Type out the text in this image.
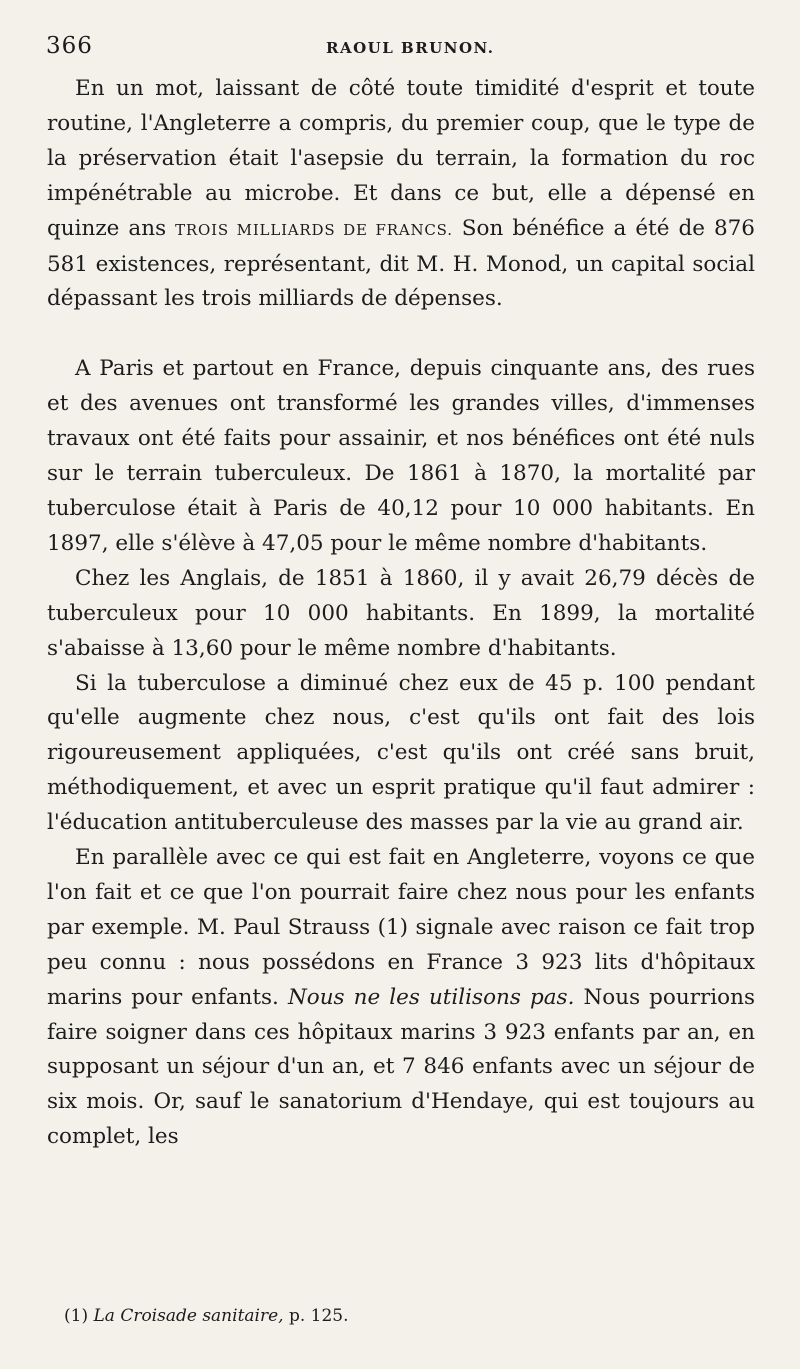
366	RAOUL BRUNON.

En un mot, laissant de côté toute timidité d'esprit et toute routine, l'Angleterre a compris, du premier coup, que le type de la préservation était l'asepsie du terrain, la formation du roc impénétrable au microbe. Et dans ce but, elle a dépensé en quinze ans TROIS MILLIARDS DE FRANCS. Son bénéfice a été de 876 581 existences, représentant, dit M. H. Monod, un capital social dépassant les trois milliards de dépenses.

A Paris et partout en France, depuis cinquante ans, des rues et des avenues ont transformé les grandes villes, d'immenses travaux ont été faits pour assainir, et nos bénéfices ont été nuls sur le terrain tuberculeux. De 1861 à 1870, la mortalité par tuberculose était à Paris de 40,12 pour 10 000 habitants. En 1897, elle s'élève à 47,05 pour le même nombre d'habitants.

Chez les Anglais, de 1851 à 1860, il y avait 26,79 décès de tuberculeux pour 10 000 habitants. En 1899, la mortalité s'abaisse à 13,60 pour le même nombre d'habitants.

Si la tuberculose a diminué chez eux de 45 p. 100 pendant qu'elle augmente chez nous, c'est qu'ils ont fait des lois rigoureusement appliquées, c'est qu'ils ont créé sans bruit, méthodiquement, et avec un esprit pratique qu'il faut admirer : l'éducation antituberculeuse des masses par la vie au grand air.

En parallèle avec ce qui est fait en Angleterre, voyons ce que l'on fait et ce que l'on pourrait faire chez nous pour les enfants par exemple. M. Paul Strauss (1) signale avec raison ce fait trop peu connu : nous possédons en France 3 923 lits d'hôpitaux marins pour enfants. Nous ne les utilisons pas. Nous pourrions faire soigner dans ces hôpitaux marins 3 923 enfants par an, en supposant un séjour d'un an, et 7 846 enfants avec un séjour de six mois. Or, sauf le sanatorium d'Hendaye, qui est toujours au complet, les

(1) La Croisade sanitaire, p. 125.
